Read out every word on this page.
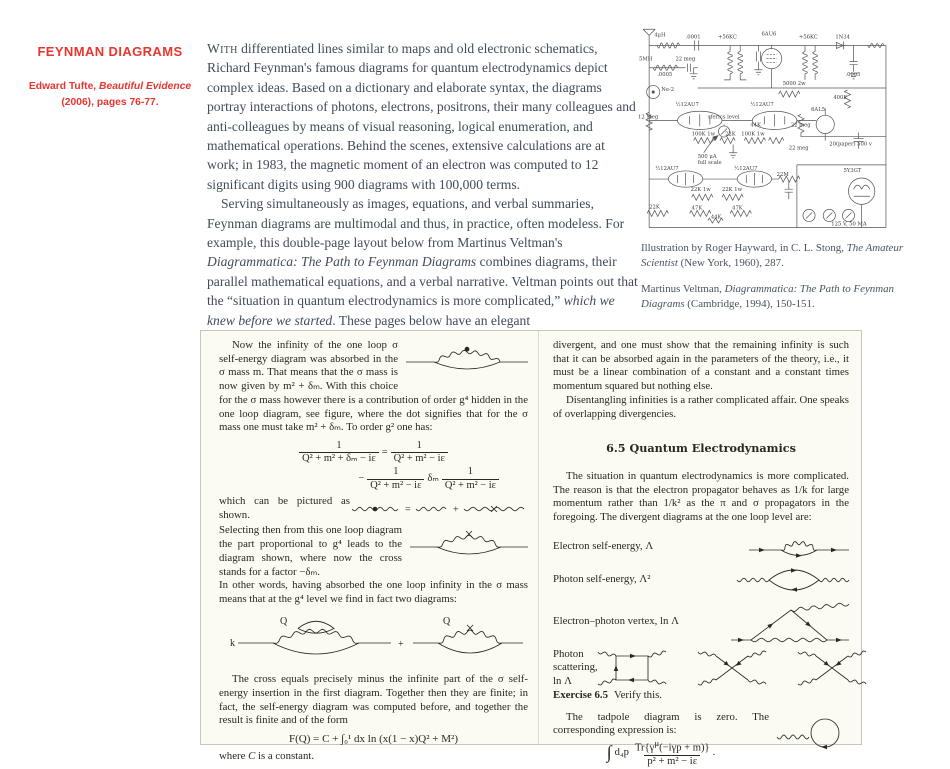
FEYNMAN DIAGRAMS
Edward Tufte, Beautiful Evidence
(2006), pages 76-77.

With differentiated lines similar to maps and old electronic schematics, Richard Feynman's famous diagrams for quantum electrodynamics depict complex ideas. Based on a dictionary and elaborate syntax, the diagrams portray interactions of photons, electrons, positrons, their many colleagues and anti-colleagues by means of visual reasoning, logical enumeration, and mathematical operations. Behind the scenes, extensive calculations are at work; in 1983, the magnetic moment of an electron was computed to 12 significant digits using 900 diagrams with 100,000 terms.

Serving simultaneously as images, equations, and verbal summaries, Feynman diagrams are multimodal and thus, in practice, often modeless. For example, this double-page layout below from Martinus Veltman's Diagrammatica: The Path to Feynman Diagrams combines diagrams, their parallel mathematical equations, and a verbal narrative. Veltman points out that the “situation in quantum electrodynamics is more complicated,” which we knew before we started. These pages below have an elegant

4μH	.0001	+56KC
6AU6
+56KC	1N34
5MH	22 meg
.0005	.0005
Ne-2
12 Meg
½12AU7	½12AU7
sferics level
44K
400K
6AL5
22 meg
100K 1w 22K 100K 1w
500 μA
full scale
22 meg
20(paper) 500 v
½12AU7	½12AU7
22M
22K 1w 22K 1w
22K	47K	47K
44K
5Y3GT
125 V, 50 MA
5000 2w
Illustration by Roger Hayward, in C. L. Stong, The Amateur Scientist (New York, 1960), 287.
Martinus Veltman, Diagrammatica: The Path to Feynman Diagrams (Cambridge, 1994), 150-151.

Now the infinity of the one loop σ self-energy diagram was absorbed in the σ mass m. That means that the σ mass is now given by m² + δₘ. With this choice for the σ mass however there is a contribution of order g⁴ hidden in the one loop diagram, see figure, where the dot signifies that for the σ mass one must take m² + δₘ. To order g² one has:

$\frac{1}{\text{Q² + m² + δₘ − iε}} = \frac{1}{\text{Q² + m² − iε}}$
− $\frac{1}{\text{Q² + m² − iε}}$ δₘ $\frac{1}{\text{Q² + m² − iε}}$
which can be pictured as shown.	=	+

Selecting then from this one loop diagram the part proportional to g⁴ leads to the diagram shown, where now the cross stands for a factor −δₘ.

In other words, having absorbed the one loop infinity in the σ mass means that at the g⁴ level we find in fact two diagrams:

k
Q
+
Q

The cross equals precisely minus the infinite part of the σ self-energy insertion in the first diagram. Together then they are finite; in fact, the self-energy diagram was computed before, and together the result is finite and of the form

F(Q) = C + ∫₀¹ dx ln (x(1 − x)Q² + M²)

where C is a constant.

divergent, and one must show that the remaining infinity is such that it can be absorbed again in the parameters of the theory, i.e., it must be a linear combination of a constant and a constant times momentum squared but nothing else.

Disentangling infinities is a rather complicated affair. One speaks of overlapping divergencies.

6.5 Quantum Electrodynamics

The situation in quantum electrodynamics is more complicated. The reason is that the electron propagator behaves as 1/k for large momentum rather than 1/k² as the π and σ propagators in the foregoing. The divergent diagrams at the one loop level are:

Electron self-energy, Λ
Photon self-energy, Λ²
Electron–photon vertex, ln Λ
Photon scattering, ln Λ

Exercise 6.5 Verify this.

The tadpole diagram is zero. The corresponding expression is:

∫ $d_4p \frac{Tr\{\gamma^\mu(-i\gamma p + m)\}}{\text{p² + m² − iε}}$ .
